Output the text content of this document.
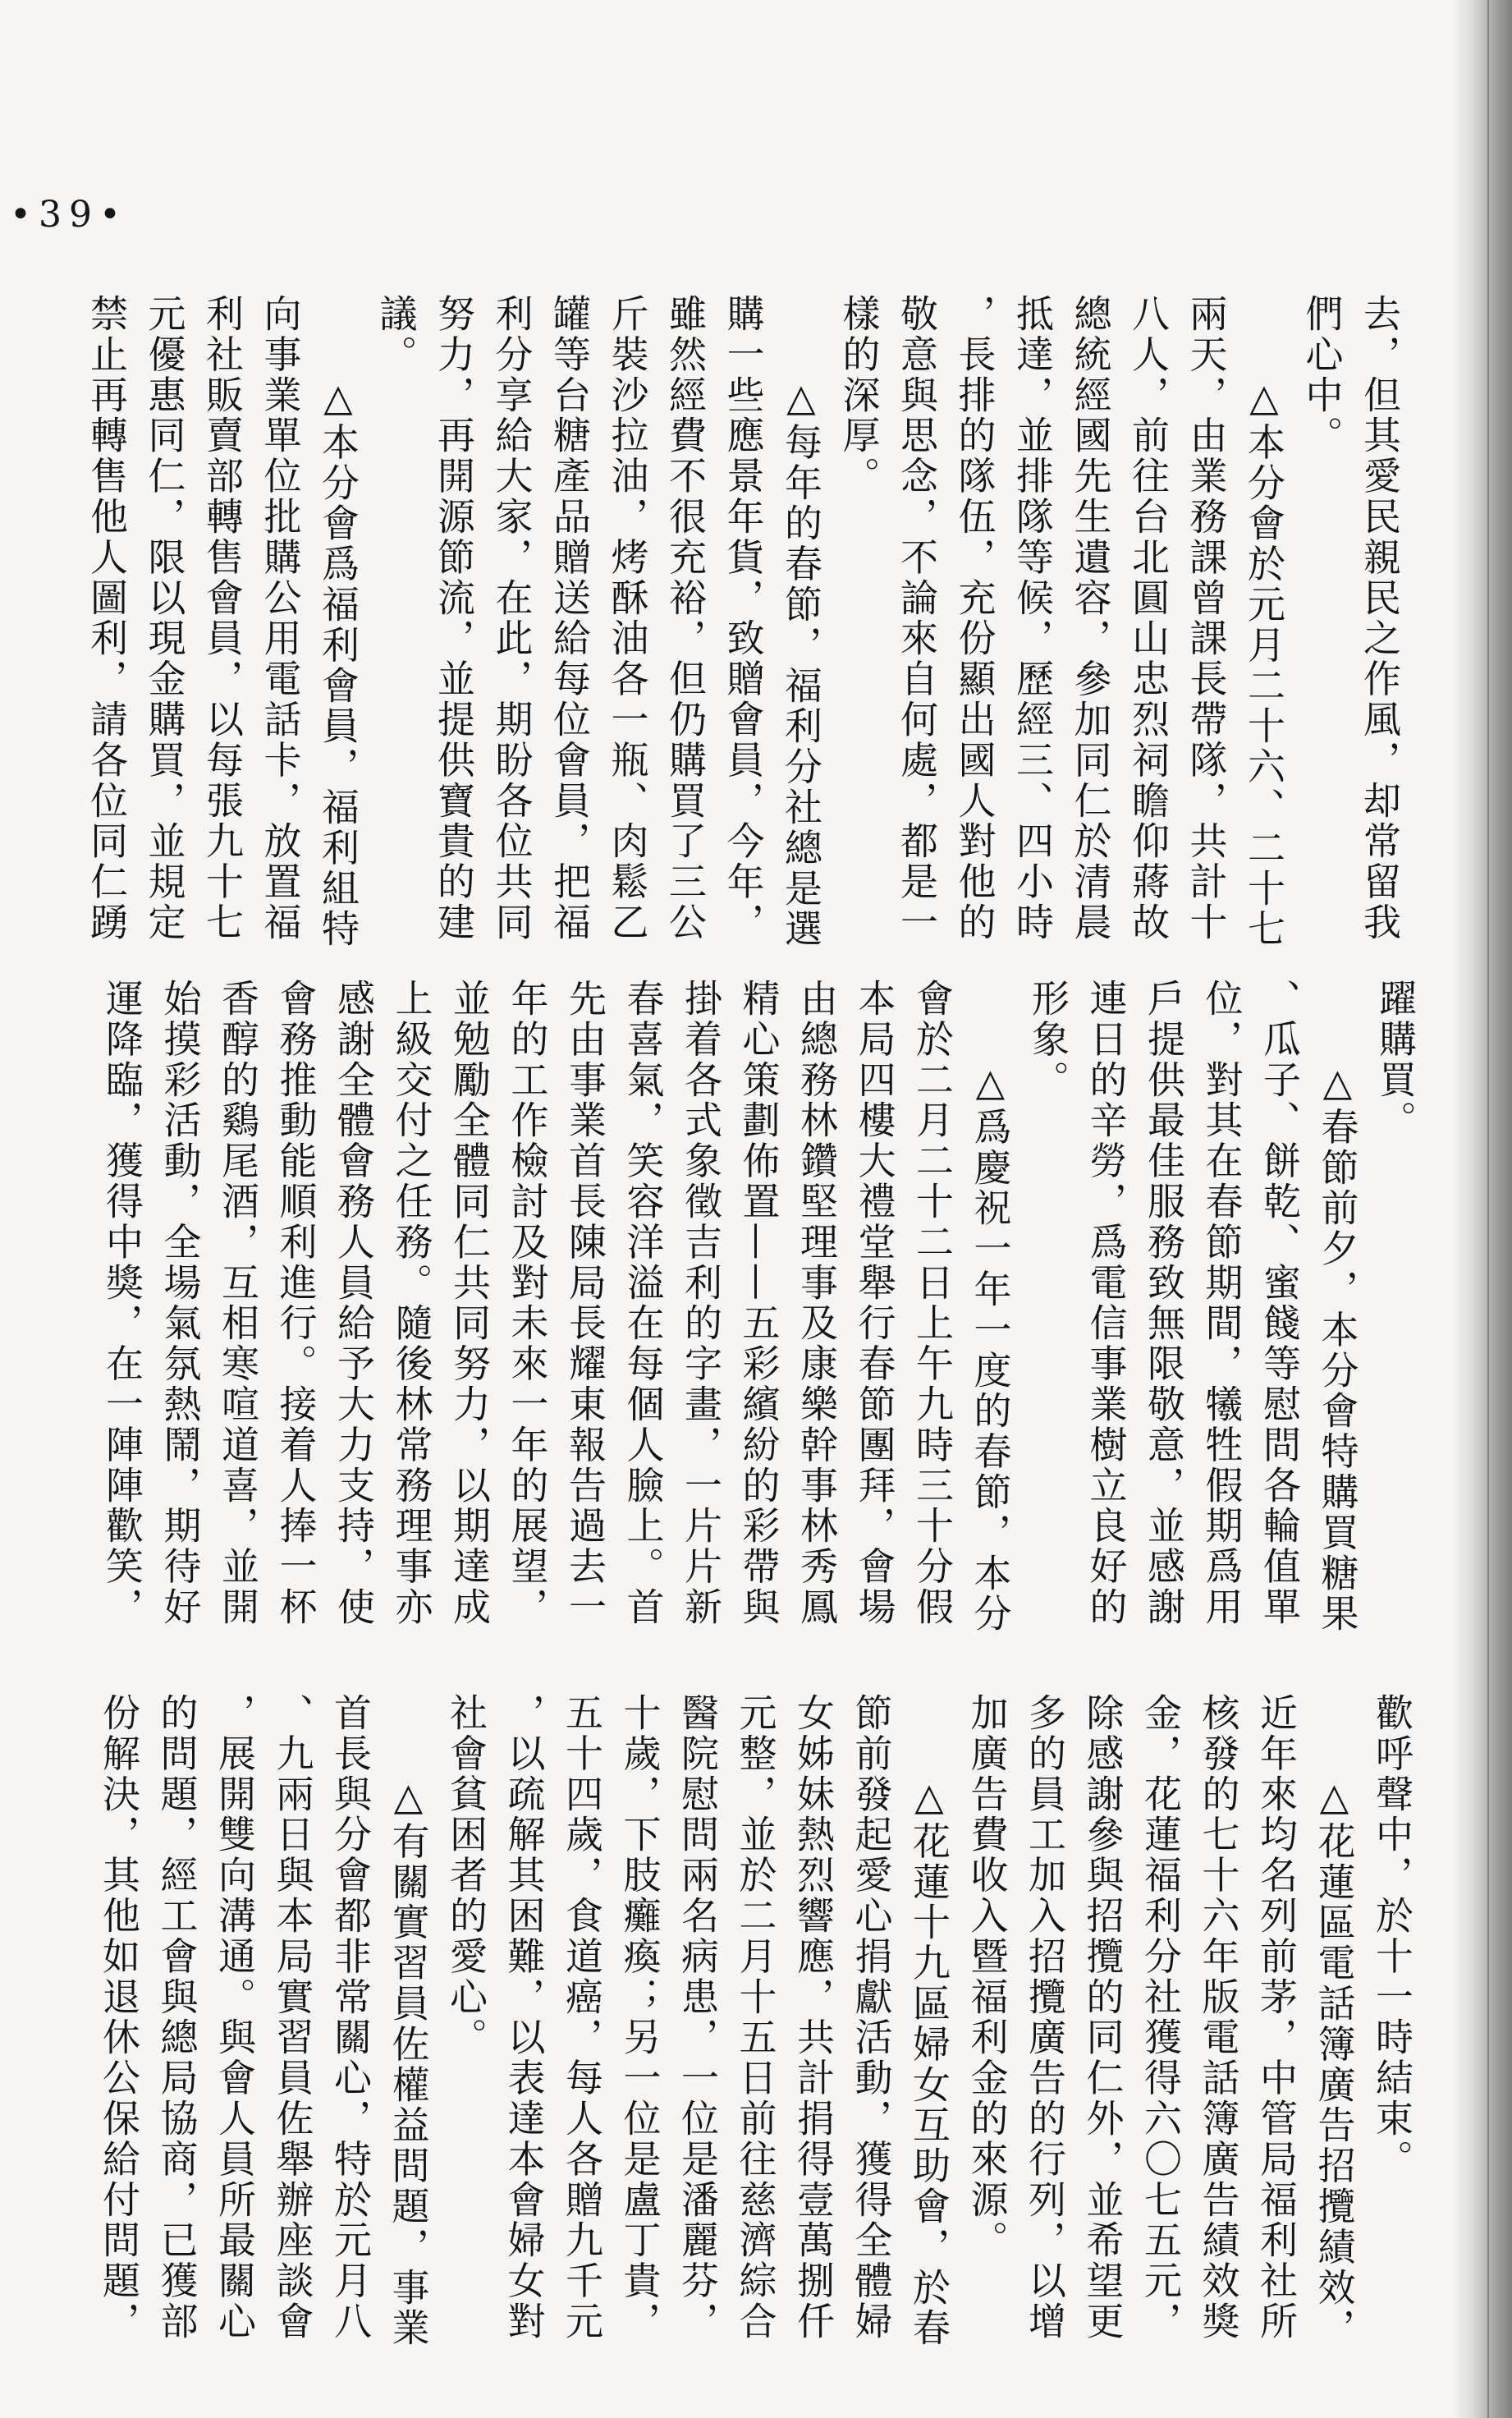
•39•
去，但其愛民親民之作風，却常留我
們心中。
△本分會於元月二十六、二十七
兩天，由業務課曾課長帶隊，共計十
八人，前往台北圓山忠烈祠瞻仰蔣故
總統經國先生遺容，參加同仁於清晨
抵達，並排隊等候，歷經三、四小時
，長排的隊伍，充份顯出國人對他的
敬意與思念，不論來自何處，都是一
樣的深厚。
△每年的春節，福利分社總是選
購一些應景年貨，致贈會員，今年，
雖然經費不很充裕，但仍購買了三公
斤裝沙拉油，烤酥油各一瓶、肉鬆乙
罐等台糖產品贈送給每位會員，把福
利分享給大家，在此，期盼各位共同
努力，再開源節流，並提供寶貴的建
議。
△本分會爲福利會員，福利組特
向事業單位批購公用電話卡，放置福
利社販賣部轉售會員，以每張九十七
元優惠同仁，限以現金購買，並規定
禁止再轉售他人圖利，請各位同仁踴
躍購買。
△春節前夕，本分會特購買糖果
、瓜子、餅乾、蜜餞等慰問各輪值單
位，對其在春節期間，犧牲假期爲用
戶提供最佳服務致無限敬意，並感謝
連日的辛勞，爲電信事業樹立良好的
形象。
△爲慶祝一年一度的春節，本分
會於二月二十二日上午九時三十分假
本局四樓大禮堂舉行春節團拜，會場
由總務林鑽堅理事及康樂幹事林秀鳳
精心策劃佈置——五彩繽紛的彩帶與
掛着各式象徵吉利的字畫，一片片新
春喜氣，笑容洋溢在每個人臉上。首
先由事業首長陳局長耀東報告過去一
年的工作檢討及對未來一年的展望，
並勉勵全體同仁共同努力，以期達成
上級交付之任務。隨後林常務理事亦
感謝全體會務人員給予大力支持，使
會務推動能順利進行。接着人捧一杯
香醇的鷄尾酒，互相寒喧道喜，並開
始摸彩活動，全場氣氛熱鬧，期待好
運降臨，獲得中獎，在一陣陣歡笑，
歡呼聲中，於十一時結束。
△花蓮區電話簿廣告招攬績效，
近年來均名列前茅，中管局福利社所
核發的七十六年版電話簿廣告績效獎
金，花蓮福利分社獲得六〇七五元，
除感謝參與招攬的同仁外，並希望更
多的員工加入招攬廣告的行列，以增
加廣告費收入暨福利金的來源。
△花蓮十九區婦女互助會，於春
節前發起愛心捐獻活動，獲得全體婦
女姊妹熱烈響應，共計捐得壹萬捌仟
元整，並於二月十五日前往慈濟綜合
醫院慰問兩名病患，一位是潘麗芬，
十歲，下肢癱瘓；另一位是盧丁貴，
五十四歲，食道癌，每人各贈九千元
，以疏解其困難，以表達本會婦女對
社會貧困者的愛心。
△有關實習員佐權益問題，事業
首長與分會都非常關心，特於元月八
、九兩日與本局實習員佐舉辦座談會
，展開雙向溝通。與會人員所最關心
的問題，經工會與總局協商，已獲部
份解決，其他如退休公保給付問題，
